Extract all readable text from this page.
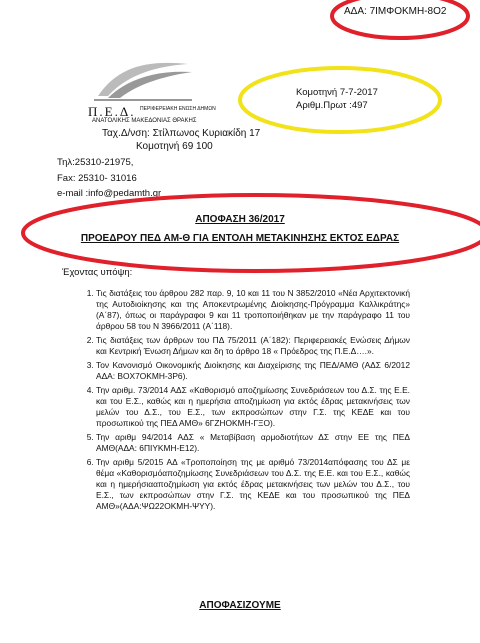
ΑΔΑ: 7ΙΜΦΟΚΜΗ-8Ο2
Π.Ε.Δ. ΠΕΡΙΦΕΡΕΙΑΚΗ ΕΝΩΣΗ ΔΗΜΩΝ
ΑΝΑΤΟΛΙΚΗΣ ΜΑΚΕΔΟΝΙΑΣ ΘΡΑΚΗΣ
Ταχ.Δ/νση: Στίλπωνος Κυριακίδη 17
Κομοτηνή 69 100
Κομοτηνή 7-7-2017
Αριθμ.Πρωτ :497
Τηλ:25310-21975,
Fax: 25310- 31016
e-mail :info@pedamth.gr
ΑΠΟΦΑΣΗ 36/2017
ΠΡΟΕΔΡΟΥ ΠΕΔ ΑΜ-Θ ΓΙΑ ΕΝΤΟΛΗ ΜΕΤΑΚΙΝΗΣΗΣ ΕΚΤΟΣ ΕΔΡΑΣ
Έχοντας υπόψη:
1. Τις διατάξεις του άρθρου 282 παρ. 9, 10 και 11 του Ν 3852/2010 «Νέα Αρχιτεκτονική της Αυτοδιοίκησης και της Αποκεντρωμένης Διοίκησης-Πρόγραμμα Καλλικράτης» (Α΄87), όπως οι παράγραφοι 9 και 11 τροποποιήθηκαν με την παράγραφο 11 του άρθρου 58 του Ν 3966/2011 (Α΄118).
2. Τις διατάξεις των άρθρων του ΠΔ 75/2011 (Α΄182): Περιφερειακές Ενώσεις Δήμων και Κεντρική Ένωση Δήμων και δη το άρθρο 18 « Πρόεδρος της Π.Ε.Δ….».
3. Τον Κανονισμό Οικονομικής Διοίκησης και Διαχείρισης της ΠΕΔ/ΑΜΘ (ΑΔΣ 6/2012 ΑΔΑ: ΒΟΧ7ΟΚΜΗ-3Ρ6).
4. Την αριθμ. 73/2014 ΑΔΣ «Καθορισμό αποζημίωσης Συνεδριάσεων του Δ.Σ. της Ε.Ε. και του Ε.Σ., καθώς και η ημερήσια αποζημίωση για εκτός έδρας μετακινήσεις των μελών του Δ.Σ., του Ε.Σ., των εκπροσώπων στην Γ.Σ. της ΚΕΔΕ και του προσωπικού της ΠΕΔ ΑΜΘ» 6ΓΖΗΟΚΜΗ-ΓΞΟ).
5. Την αριθμ 94/2014 ΑΔΣ « Μεταβίβαση αρμοδιοτήτων ΔΣ στην ΕΕ της ΠΕΔ ΑΜΘ(ΑΔΑ: 6ΠΙΥΚΜΗ-Ε12).
6. Την αριθμ 5/2015 ΑΔ «Τροποποίηση της με αριθμό 73/2014απόφασης του ΔΣ με θέμα «Καθορισμόαποζημίωσης Συνεδριάσεων του Δ.Σ. της Ε.Ε. και του Ε.Σ., καθώς και η ημερήσιααποζημίωση για εκτός έδρας μετακινήσεις των μελών του Δ.Σ., του Ε.Σ., των εκπροσώπων στην Γ.Σ. της ΚΕΔΕ και του προσωπικού της ΠΕΔ ΑΜΘ»(ΑΔΑ:ΨΩ22ΟΚΜΗ-ΨΥΥ).
ΑΠΟΦΑΣΙΖΟΥΜΕ
